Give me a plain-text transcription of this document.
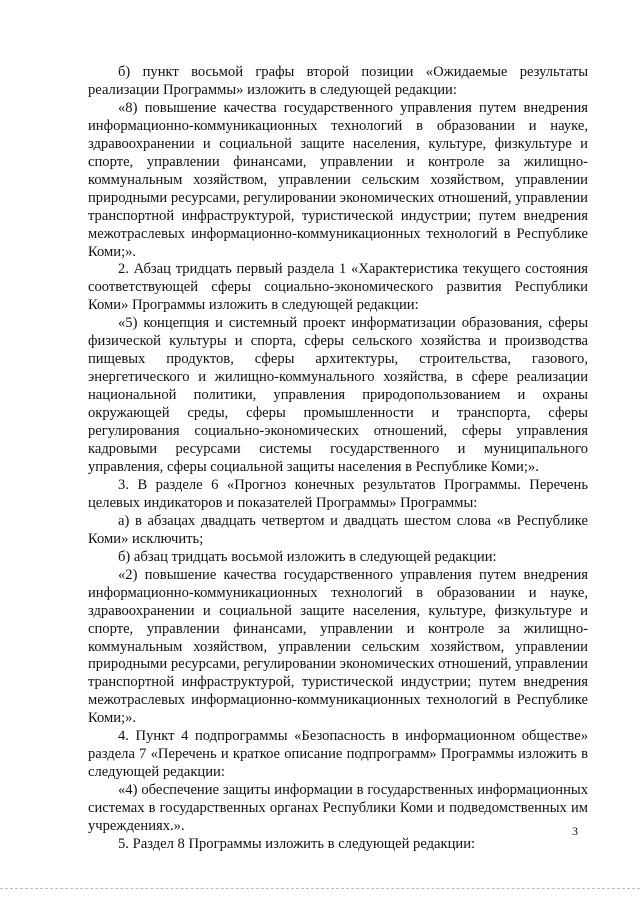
б) пункт восьмой графы второй позиции «Ожидаемые результаты реализации Программы» изложить в следующей редакции:

«8) повышение качества государственного управления путем внедрения информационно-коммуникационных технологий в образовании и науке, здравоохранении и социальной защите населения, культуре, физкультуре и спорте, управлении финансами, управлении и контроле за жилищно-коммунальным хозяйством, управлении сельским хозяйством, управлении природными ресурсами, регулировании экономических отношений, управлении транспортной инфраструктурой, туристической индустрии; путем внедрения межотраслевых информационно-коммуникационных технологий в Республике Коми;».

2. Абзац тридцать первый раздела 1 «Характеристика текущего состояния соответствующей сферы социально-экономического развития Республики Коми» Программы изложить в следующей редакции:

«5) концепция и системный проект информатизации образования, сферы физической культуры и спорта, сферы сельского хозяйства и производства пищевых продуктов, сферы архитектуры, строительства, газового, энергетического и жилищно-коммунального хозяйства, в сфере реализации национальной политики, управления природопользованием и охраны окружающей среды, сферы промышленности и транспорта, сферы регулирования социально-экономических отношений, сферы управления кадровыми ресурсами системы государственного и муниципального управления, сферы социальной защиты населения в Республике Коми;».

3. В разделе 6 «Прогноз конечных результатов Программы. Перечень целевых индикаторов и показателей Программы» Программы:

а) в абзацах двадцать четвертом и двадцать шестом слова «в Республике Коми» исключить;

б) абзац тридцать восьмой изложить в следующей редакции:

«2) повышение качества государственного управления путем внедрения информационно-коммуникационных технологий в образовании и науке, здравоохранении и социальной защите населения, культуре, физкультуре и спорте, управлении финансами, управлении и контроле за жилищно-коммунальным хозяйством, управлении сельским хозяйством, управлении природными ресурсами, регулировании экономических отношений, управлении транспортной инфраструктурой, туристической индустрии; путем внедрения межотраслевых информационно-коммуникационных технологий в Республике Коми;».

4. Пункт 4 подпрограммы «Безопасность в информационном обществе» раздела 7 «Перечень и краткое описание подпрограмм» Программы изложить в следующей редакции:

«4) обеспечение защиты информации в государственных информационных системах в государственных органах Республики Коми и подведомственных им учреждениях.».

5. Раздел 8 Программы изложить в следующей редакции:

3
